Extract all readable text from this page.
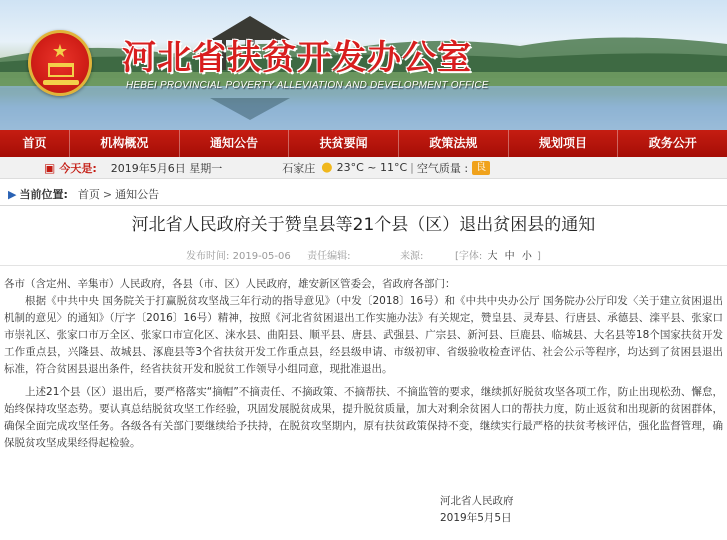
★ 河北省扶贫开发办公室
HEBEI PROVINCIAL POVERTY ALLEVIATION AND DEVELOPMENT OFFICE
首页	机构概况	通知公告	扶贫要闻	政策法规	规划项目	政务公开
▣ 今天是: 2019年5月6日 星期一	石家庄 ● 23°C ~ 11°C | 空气质量 : 良
▶ 当前位置: 首页 > 通知公告
河北省人民政府关于赞皇县等21个县（区）退出贫困县的通知
发布时间: 2019-05-06 责任编辑:	来源:	[字体: 大 中 小 ]

各市（含定州、辛集市）人民政府，各县（市、区）人民政府，雄安新区管委会，省政府各部门：

根据《中共中央 国务院关于打赢脱贫攻坚战三年行动的指导意见》（中发〔2018〕16号）和《中共中央办公厅 国务院办公厅印发〈关于建立贫困退出机制的意见〉的通知》（厅字〔2016〕16号）精神，按照《河北省贫困退出工作实施办法》有关规定，赞皇县、灵寿县、行唐县、承德县、滦平县、张家口市崇礼区、张家口市万全区、张家口市宣化区、涞水县、曲阳县、顺平县、唐县、武强县、广宗县、新河县、巨鹿县、临城县、大名县等18个国家扶贫开发工作重点县，兴隆县、故城县、涿鹿县等3个省扶贫开发工作重点县，经县级申请、市级初审、省级验收检查评估、社会公示等程序，均达到了贫困县退出标准，符合贫困县退出条件，经省扶贫开发和脱贫工作领导小组同意，现批准退出。

上述21个县（区）退出后，要严格落实“摘帽”不摘责任、不摘政策、不摘帮扶、不摘监管的要求，继续抓好脱贫攻坚各项工作，防止出现松劲、懈怠，始终保持攻坚态势。要认真总结脱贫攻坚工作经验，巩固发展脱贫成果，提升脱贫质量，加大对剩余贫困人口的帮扶力度，防止返贫和出现新的贫困群体，确保全面完成攻坚任务。各级各有关部门要继续给予扶持，在脱贫攻坚期内，原有扶贫政策保持不变，继续实行最严格的扶贫考核评估，强化监督管理，确保脱贫攻坚成果经得起检验。

河北省人民政府
2019年5月5日
